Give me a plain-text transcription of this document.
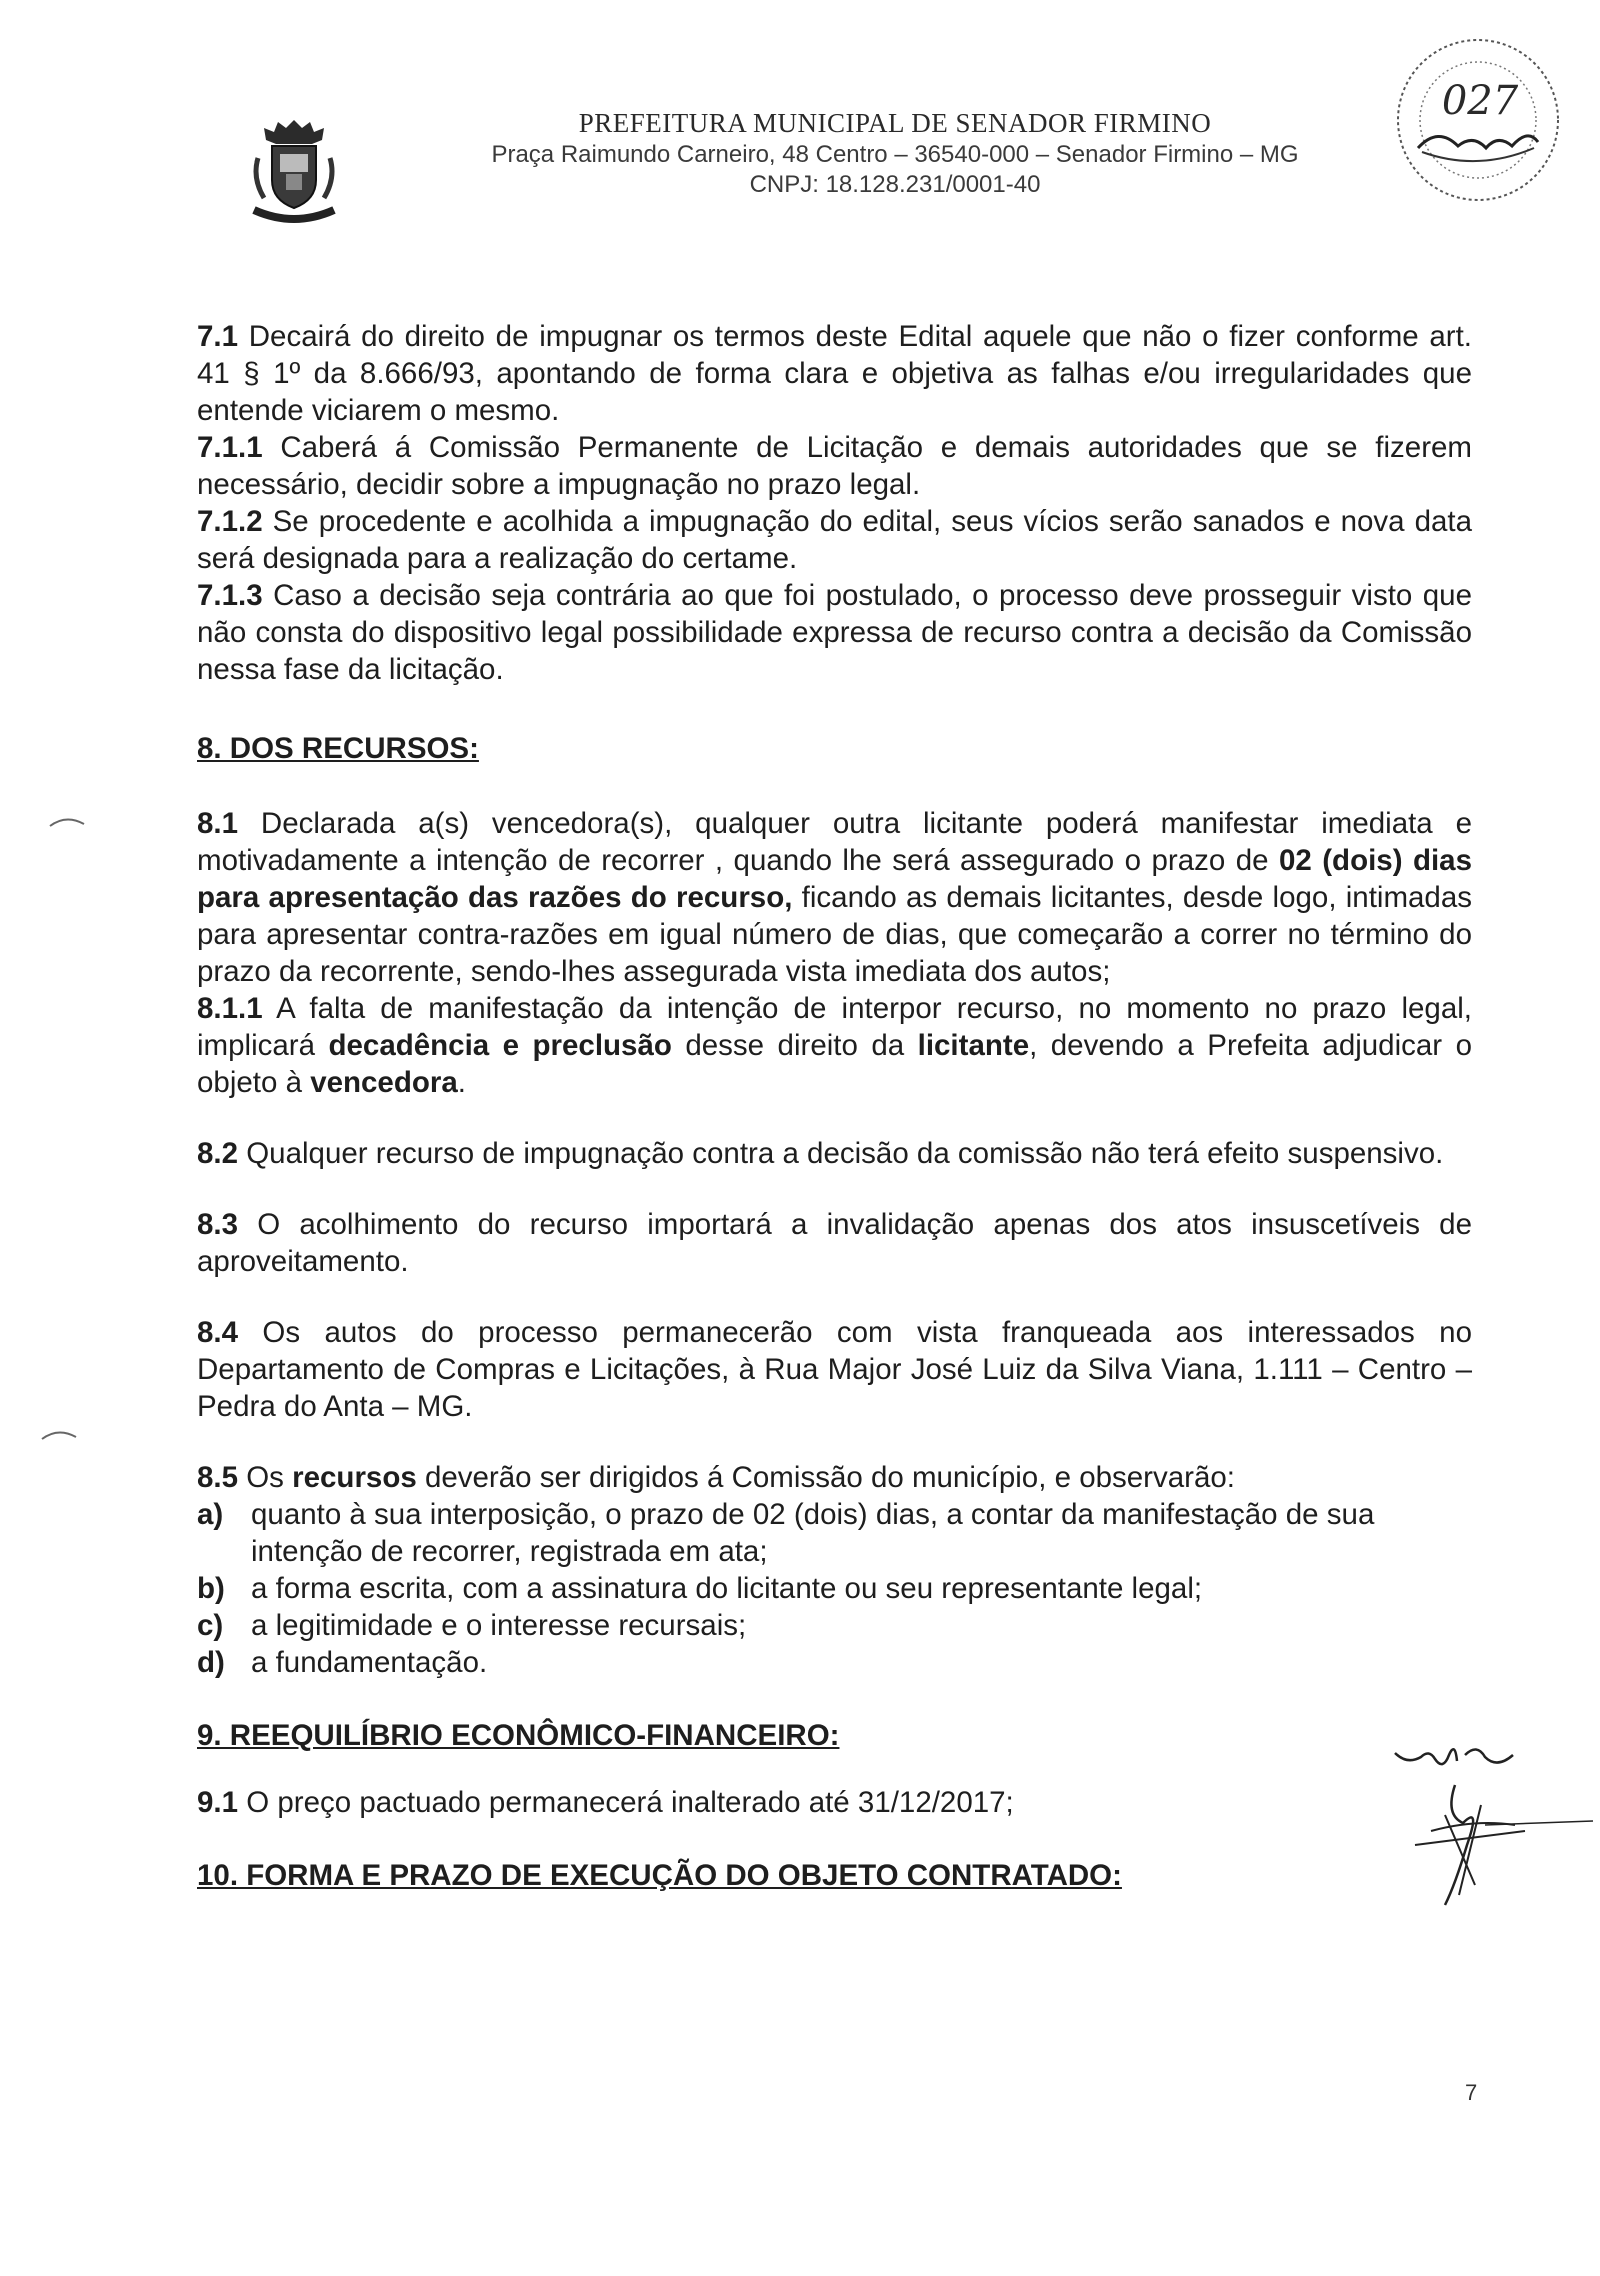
PREFEITURA MUNICIPAL DE SENADOR FIRMINO
Praça Raimundo Carneiro, 48 Centro – 36540-000 – Senador Firmino – MG
CNPJ: 18.128.231/0001-40
027

7.1 Decairá do direito de impugnar os termos deste Edital aquele que não o fizer conforme art. 41 § 1º da 8.666/93, apontando de forma clara e objetiva as falhas e/ou irregularidades que entende viciarem o mesmo.

7.1.1 Caberá á Comissão Permanente de Licitação e demais autoridades que se fizerem necessário, decidir sobre a impugnação no prazo legal.

7.1.2 Se procedente e acolhida a impugnação do edital, seus vícios serão sanados e nova data será designada para a realização do certame.

7.1.3 Caso a decisão seja contrária ao que foi postulado, o processo deve prosseguir visto que não consta do dispositivo legal possibilidade expressa de recurso contra a decisão da Comissão nessa fase da licitação.

8. DOS RECURSOS:

8.1 Declarada a(s) vencedora(s), qualquer outra licitante poderá manifestar imediata e motivadamente a intenção de recorrer , quando lhe será assegurado o prazo de 02 (dois) dias para apresentação das razões do recurso, ficando as demais licitantes, desde logo, intimadas para apresentar contra-razões em igual número de dias, que começarão a correr no término do prazo da recorrente, sendo-lhes assegurada vista imediata dos autos;

8.1.1 A falta de manifestação da intenção de interpor recurso, no momento no prazo legal, implicará decadência e preclusão desse direito da licitante, devendo a Prefeita adjudicar o objeto à vencedora.

8.2 Qualquer recurso de impugnação contra a decisão da comissão não terá efeito suspensivo.

8.3 O acolhimento do recurso importará a invalidação apenas dos atos insuscetíveis de aproveitamento.

8.4 Os autos do processo permanecerão com vista franqueada aos interessados no Departamento de Compras e Licitações, à Rua Major José Luiz da Silva Viana, 1.111 – Centro – Pedra do Anta – MG.

8.5 Os recursos deverão ser dirigidos á Comissão do município, e observarão:

a) quanto à sua interposição, o prazo de 02 (dois) dias, a contar da manifestação de sua intenção de recorrer, registrada em ata;
b) a forma escrita, com a assinatura do licitante ou seu representante legal;
c) a legitimidade e o interesse recursais;
d) a fundamentação.

9. REEQUILÍBRIO ECONÔMICO-FINANCEIRO:

9.1 O preço pactuado permanecerá inalterado até 31/12/2017;

10. FORMA E PRAZO DE EXECUÇÃO DO OBJETO CONTRATADO:

7
